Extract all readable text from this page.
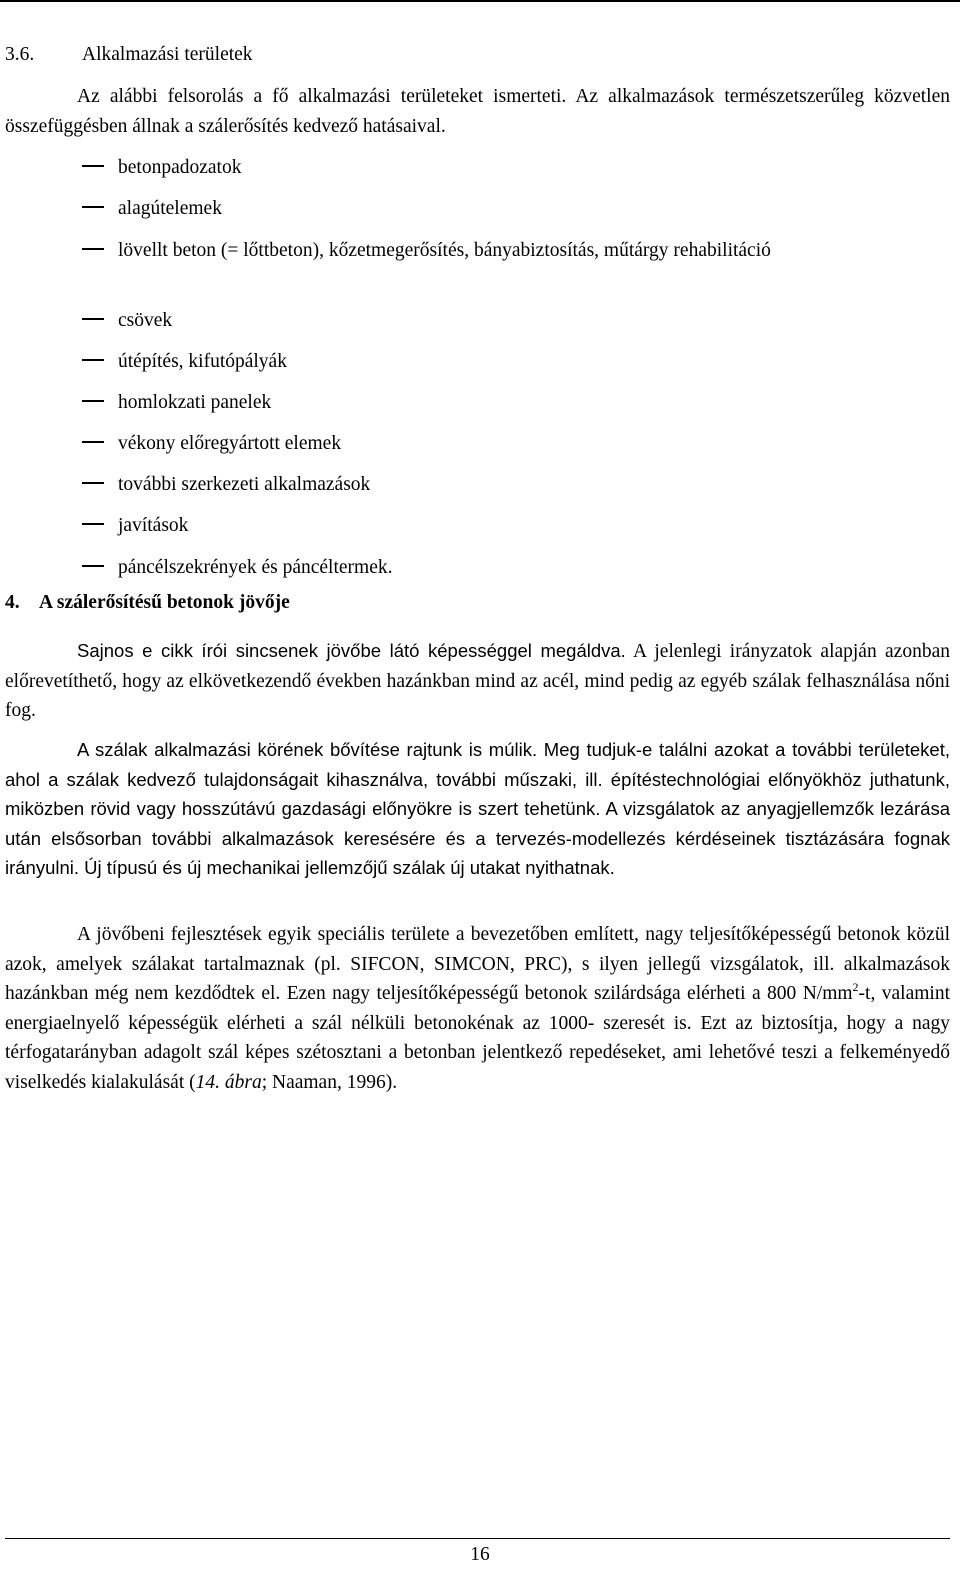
3.6. Alkalmazási területek
Az alábbi felsorolás a fő alkalmazási területeket ismerteti. Az alkalmazások természetszerűleg közvetlen összefüggésben állnak a szálerősítés kedvező hatásaival.
betonpadozatok
alagútelemek
lövellt beton (= lőttbeton), kőzetmegerősítés, bányabiztosítás, műtárgy rehabilitáció
csövek
útépítés, kifutópályák
homlokzati panelek
vékony előregyártott elemek
további szerkezeti alkalmazások
javítások
páncélszekrények és páncéltermek.
4. A szálerősítésű betonok jövője
Sajnos e cikk írói sincsenek jövőbe látó képességgel megáldva. A jelenlegi irányzatok alapján azonban előrevetíthető, hogy az elkövetkezendő években hazánkban mind az acél, mind pedig az egyéb szálak felhasználása nőni fog.
A szálak alkalmazási körének bővítése rajtunk is múlik. Meg tudjuk-e találni azokat a további területeket, ahol a szálak kedvező tulajdonságait kihasználva, további műszaki, ill. építéstechnológiai előnyökhöz juthatunk, miközben rövid vagy hosszútávú gazdasági előnyökre is szert tehetünk. A vizsgálatok az anyagjellemzők lezárása után elsősorban további alkalmazások keresésére és a tervezés-modellezés kérdéseinek tisztázására fognak irányulni. Új típusú és új mechanikai jellemzőjű szálak új utakat nyithatnak.
A jövőbeni fejlesztések egyik speciális területe a bevezetőben említett, nagy teljesítőképességű betonok közül azok, amelyek szálakat tartalmaznak (pl. SIFCON, SIMCON, PRC), s ilyen jellegű vizsgálatok, ill. alkalmazások hazánkban még nem kezdődtek el. Ezen nagy teljesítőképességű betonok szilárdsága elérheti a 800 $N/mm^2-t$, valamint energiaelnyelő képességük elérheti a szál nélküli betonokénak az 1000- szeresét is. Ezt az biztosítja, hogy a nagy térfogatarányban adagolt szál képes szétosztani a betonban jelentkező repedéseket, ami lehetővé teszi a felkeményedő viselkedés kialakulását (14. ábra; Naaman, 1996).
16
